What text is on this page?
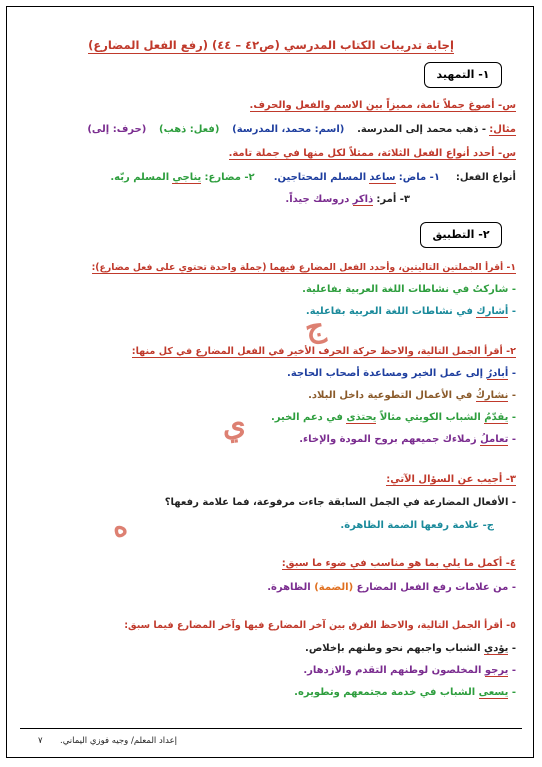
إجابة تدريبات الكتاب المدرسي (ص٤٢ – ٤٤) (رفع الفعل المضارع)
١- التمهيد
س- أصوغ جملاً تامة، مميزاً بين الاسم والفعل والحرف.
مثال: - ذهب محمد إلى المدرسة.    (اسم: محمد، المدرسة)    (فعل: ذهب)    (حرف: إلى)
س- أحدد أنواع الفعل الثلاثة، ممثلاً لكل منها في جملة تامة.
أنواع الفعل:     ١- ماض: ساعد المسلم المحتاجين.      ٢- مضارع: يناجي المسلم ربّه.
٣- أمر: ذاكر دروسك جيداً.
٢- التطبيق
١- أقرأ الجملتين التاليتين، وأحدد الفعل المضارع فيهما (جملة واحدة تحتوي على فعل مضارع):
- شاركتُ في نشاطات اللغة العربية بفاعلية.
- أشارك في نشاطات اللغة العربية بفاعلية.
٢- أقرأ الجمل التالية، والاحظ حركة الحرف الأخير في الفعل المضارع في كل منها:
- أبادرُ إلى عمل الخير ومساعدة أصحاب الحاجة.
- نشاركُ في الأعمال التطوعية داخل البلاد.
- يقدّمُ الشباب الكويتي مثالاً يحتذى في دعم الخير.
- تعاملُ زملاءك جميعهم بروح المودة والإخاء.
٣- أجيب عن السؤال الآتي:
- الأفعال المضارعة في الجمل السابقة جاءت مرفوعة، فما علامة رفعها؟
ج- علامة رفعها الضمة الظاهرة.
٤- أكمل ما يلي بما هو مناسب في ضوء ما سبق:
- من علامات رفع الفعل المضارع (الضمة) الظاهرة.
٥- أقرأ الجمل التالية، والاحظ الفرق بين آخر المضارع فيها وآخر المضارع فيما سبق:
- يؤدي الشباب واجبهم نحو وطنهم بإخلاص.
- يرجو المخلصون لوطنهم التقدم والازدهار.
- يسعى الشباب في خدمة مجتمعهم وتطويره.
ج
ي
ه
إعداد المعلم/ وجيه فوزي اليماني.
٧
